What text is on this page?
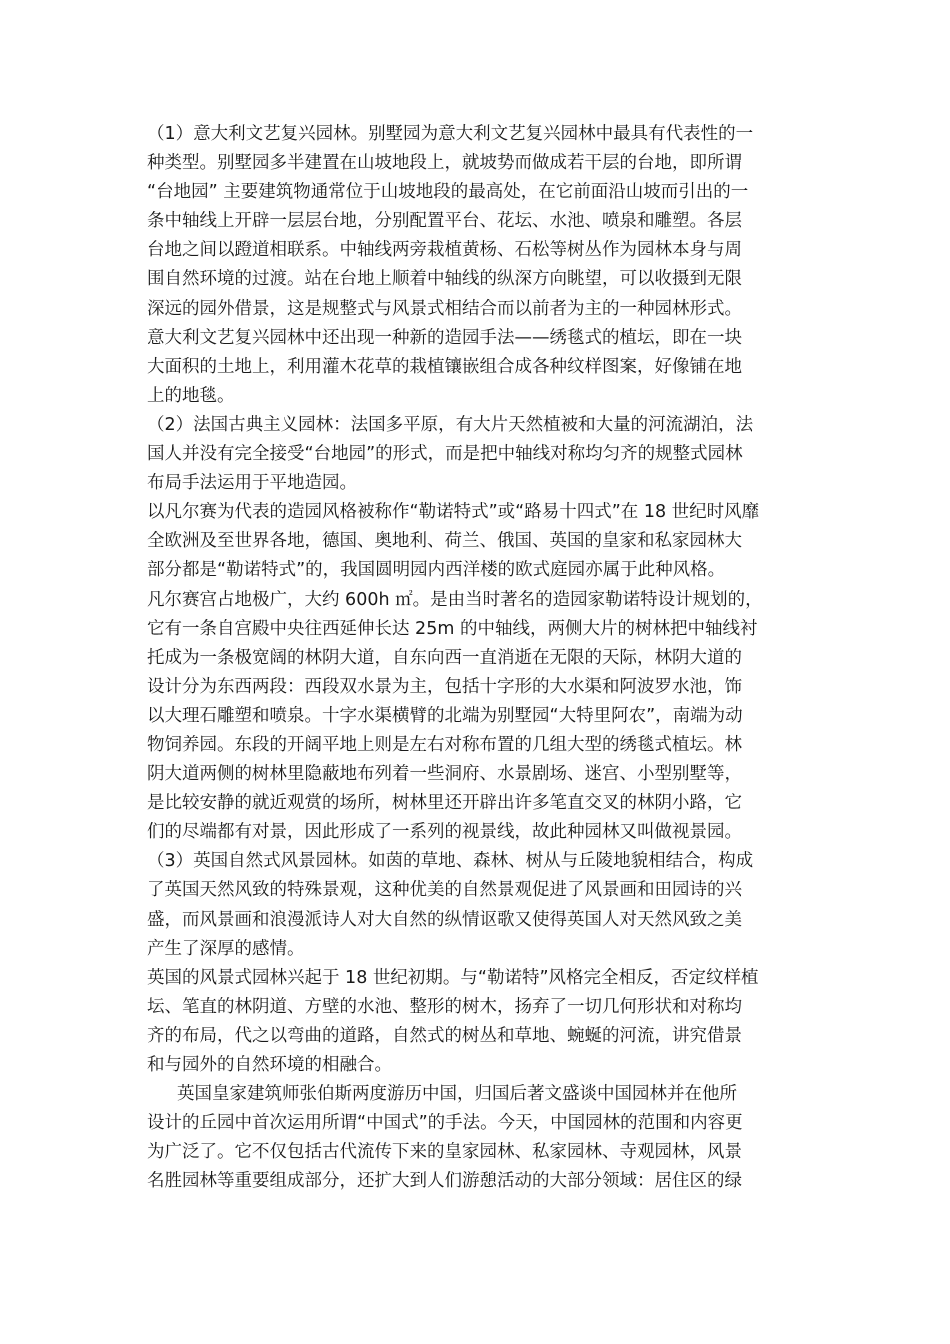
（1）意大利文艺复兴园林。别墅园为意大利文艺复兴园林中最具有代表性的一
种类型。别墅园多半建置在山坡地段上，就坡势而做成若干层的台地，即所谓
“台地园” 主要建筑物通常位于山坡地段的最高处，在它前面沿山坡而引出的一
条中轴线上开辟一层层台地，分别配置平台、花坛、水池、喷泉和雕塑。各层
台地之间以蹬道相联系。中轴线两旁栽植黄杨、石松等树丛作为园林本身与周
围自然环境的过渡。站在台地上顺着中轴线的纵深方向眺望，可以收摄到无限
深远的园外借景，这是规整式与风景式相结合而以前者为主的一种园林形式。
意大利文艺复兴园林中还出现一种新的造园手法——绣毯式的植坛，即在一块
大面积的土地上，利用灌木花草的栽植镶嵌组合成各种纹样图案，好像铺在地
上的地毯。
（2）法国古典主义园林：法国多平原，有大片天然植被和大量的河流湖泊，法
国人并没有完全接受“台地园”的形式，而是把中轴线对称均匀齐的规整式园林
布局手法运用于平地造园。
以凡尔赛为代表的造园风格被称作“勒诺特式”或“路易十四式”在 18 世纪时风靡
全欧洲及至世界各地，德国、奥地利、荷兰、俄国、英国的皇家和私家园林大
部分都是“勒诺特式”的，我国圆明园内西洋楼的欧式庭园亦属于此种风格。
凡尔赛宫占地极广，大约 600h ㎡。是由当时著名的造园家勒诺特设计规划的，
它有一条自宫殿中央往西延伸长达 25m 的中轴线，两侧大片的树林把中轴线衬
托成为一条极宽阔的林阴大道，自东向西一直消逝在无限的天际，林阴大道的
设计分为东西两段：西段双水景为主，包括十字形的大水渠和阿波罗水池，饰
以大理石雕塑和喷泉。十字水渠横臂的北端为别墅园“大特里阿农”，南端为动
物饲养园。东段的开阔平地上则是左右对称布置的几组大型的绣毯式植坛。林
阴大道两侧的树林里隐蔽地布列着一些洞府、水景剧场、迷宫、小型别墅等，
是比较安静的就近观赏的场所，树林里还开辟出许多笔直交叉的林阴小路，它
们的尽端都有对景，因此形成了一系列的视景线，故此种园林又叫做视景园。
（3）英国自然式风景园林。如茵的草地、森林、树从与丘陵地貌相结合，构成
了英国天然风致的特殊景观，这种优美的自然景观促进了风景画和田园诗的兴
盛，而风景画和浪漫派诗人对大自然的纵情讴歌又使得英国人对天然风致之美
产生了深厚的感情。
英国的风景式园林兴起于 18 世纪初期。与“勒诺特”风格完全相反，否定纹样植
坛、笔直的林阴道、方壁的水池、整形的树木，扬弃了一切几何形状和对称均
齐的布局，代之以弯曲的道路，自然式的树丛和草地、蜿蜒的河流，讲究借景
和与园外的自然环境的相融合。
英国皇家建筑师张伯斯两度游历中国，归国后著文盛谈中国园林并在他所
设计的丘园中首次运用所谓“中国式”的手法。今天，中国园林的范围和内容更
为广泛了。它不仅包括古代流传下来的皇家园林、私家园林、寺观园林，风景
名胜园林等重要组成部分，还扩大到人们游憩活动的大部分领域：居住区的绿
